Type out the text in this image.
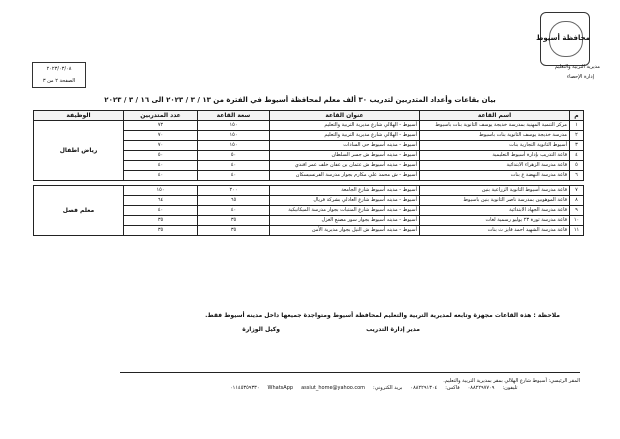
محافظة أسيوط
مديرية التربية والتعليم
إدارة الإحصاء
٢٠٢٣/٠٣/٠٨
الصفحة ٢ من ٣
بيان بقاعات وأعداد المتدربين لتدريب ٣٠ ألف معلم لمحافظة أسيوط في الفترة من ١٣ / ٣ / ٢٠٢٣ الى ١٦ / ٣ / ٢٠٢٣
م	اسم القاعة	عنوان القاعة	سعة القاعة	عدد المتدربين	الوظيفة
١	مركز التنمية المهنية بمدرسة خديجة يوسف الثانوية بنات باسيوط	أسيوط - الهلالي شارع مديرية التربية والتعليم	١٥٠	٧٢	رياض اطفال
٢	مدرسة خديجة يوسف الثانوية بنات باسيوط	أسيوط - الهلالي شارع مديرية التربية والتعليم	١٥٠	٧٠	
٣	أسيوط الثانوية التجارية بنات	أسيوط - مدينه أسيوط حى السادات	١٥٠	٧٠	
٤	قاعة التدريب بإدارة أسيوط التعليمية	أسيوط - مدينه أسيوط ش جسر السلطان	٥٠	٥٠	
٥	قاعة مدرسة الزهراء الابتدائية	أسيوط - مدينه أسيوط ش عثمان بن عفان خلف عمر افندي	٤٠	٤٠	
٦	قاعة مدرسة النهضة ع بنات	أسيوط - ش محمد علي مكارم بجوار مدرسة الفرنسيسكان	٤٠	٤٠	

٧	قاعة مدرسة أسيوط الثانوية الزراعية بنين	أسيوط - مدينه أسيوط شارع الجامعة	٢٠٠	١٥٠	معلم فصل
٨	قاعة الموهوبين بمدرسة ناصر الثانوية بنين باسيوط	أسيوط - مدينه أسيوط شارع العادلي بشركة فريال	٦٥	٦٤	
٩	قاعة مدرسة الجهاد الابتدائية	أسيوط - مدينه أسيوط شارع المنتبات بجوار مدرسة الميكانيكية	٤٠	٤٠	
١٠	قاعة مدرسة ثورة ٢٣ يوليو رسمية لغات	أسيوط - مدينه أسيوط بجوار سور مصنع الغزل	٣٥	٣٥	
١١	قاعة مدرسة الشهيد احمد فايز ث بنات	أسيوط - مدينه أسيوط ش النيل بجوار مديرية الأمن	٣٥	٣٥	
ملاحظة : هذه القاعات مجهزة وتابعه لمديرية التربية والتعليم لمحافظة أسيوط ومتواجدة جميعها داخل مدينه أسيوط فقط.
مدير إدارة التدريب
وكيل الوزارة
المقر الرئيسي: أسيوط شارع الهلالي بمقر بمديرية التربية والتعليم.
تليفون:
٠٨٨٢٢٩٧٧٠٩
فاكس:
٠٨٨٢٢٩١٣٠٤
بريد الكتروني:
assiut_home@yahoo.com
WhatsApp
٠١١٤٥٣٥٩٣٣٠
